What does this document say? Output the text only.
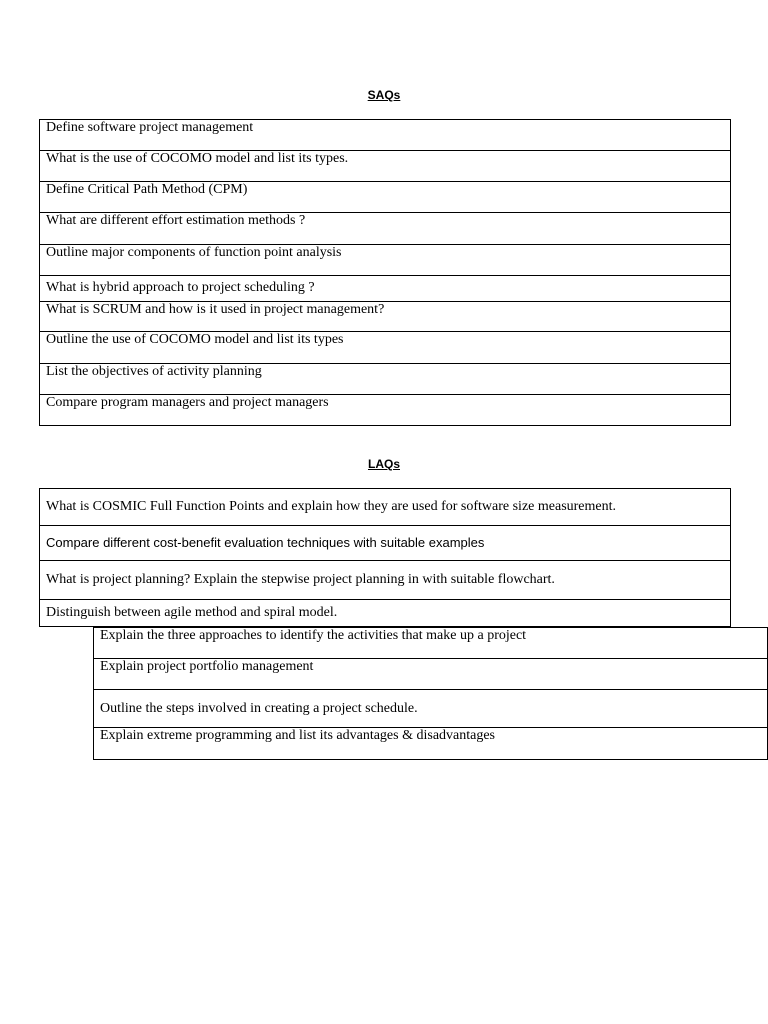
SAQs
Define software project management
What is the use of COCOMO model and list its types.
Define Critical Path Method (CPM)
What are different effort estimation methods ?
Outline major components of function point analysis
What is hybrid approach to project scheduling ?
What is SCRUM and how is it used in project management?
Outline the use of COCOMO model and list its types
List the objectives of activity planning
Compare program managers and project managers
LAQs
What is COSMIC Full Function Points and explain how they are used for software size measurement.
Compare different cost-benefit evaluation techniques with suitable examples
What is project planning? Explain the stepwise project planning in with suitable flowchart.
Distinguish between agile method and spiral model.
Explain the three approaches to identify the activities that make up a project
Explain project portfolio management
Outline the steps involved in creating a project schedule.
Explain extreme programming and list its advantages & disadvantages
